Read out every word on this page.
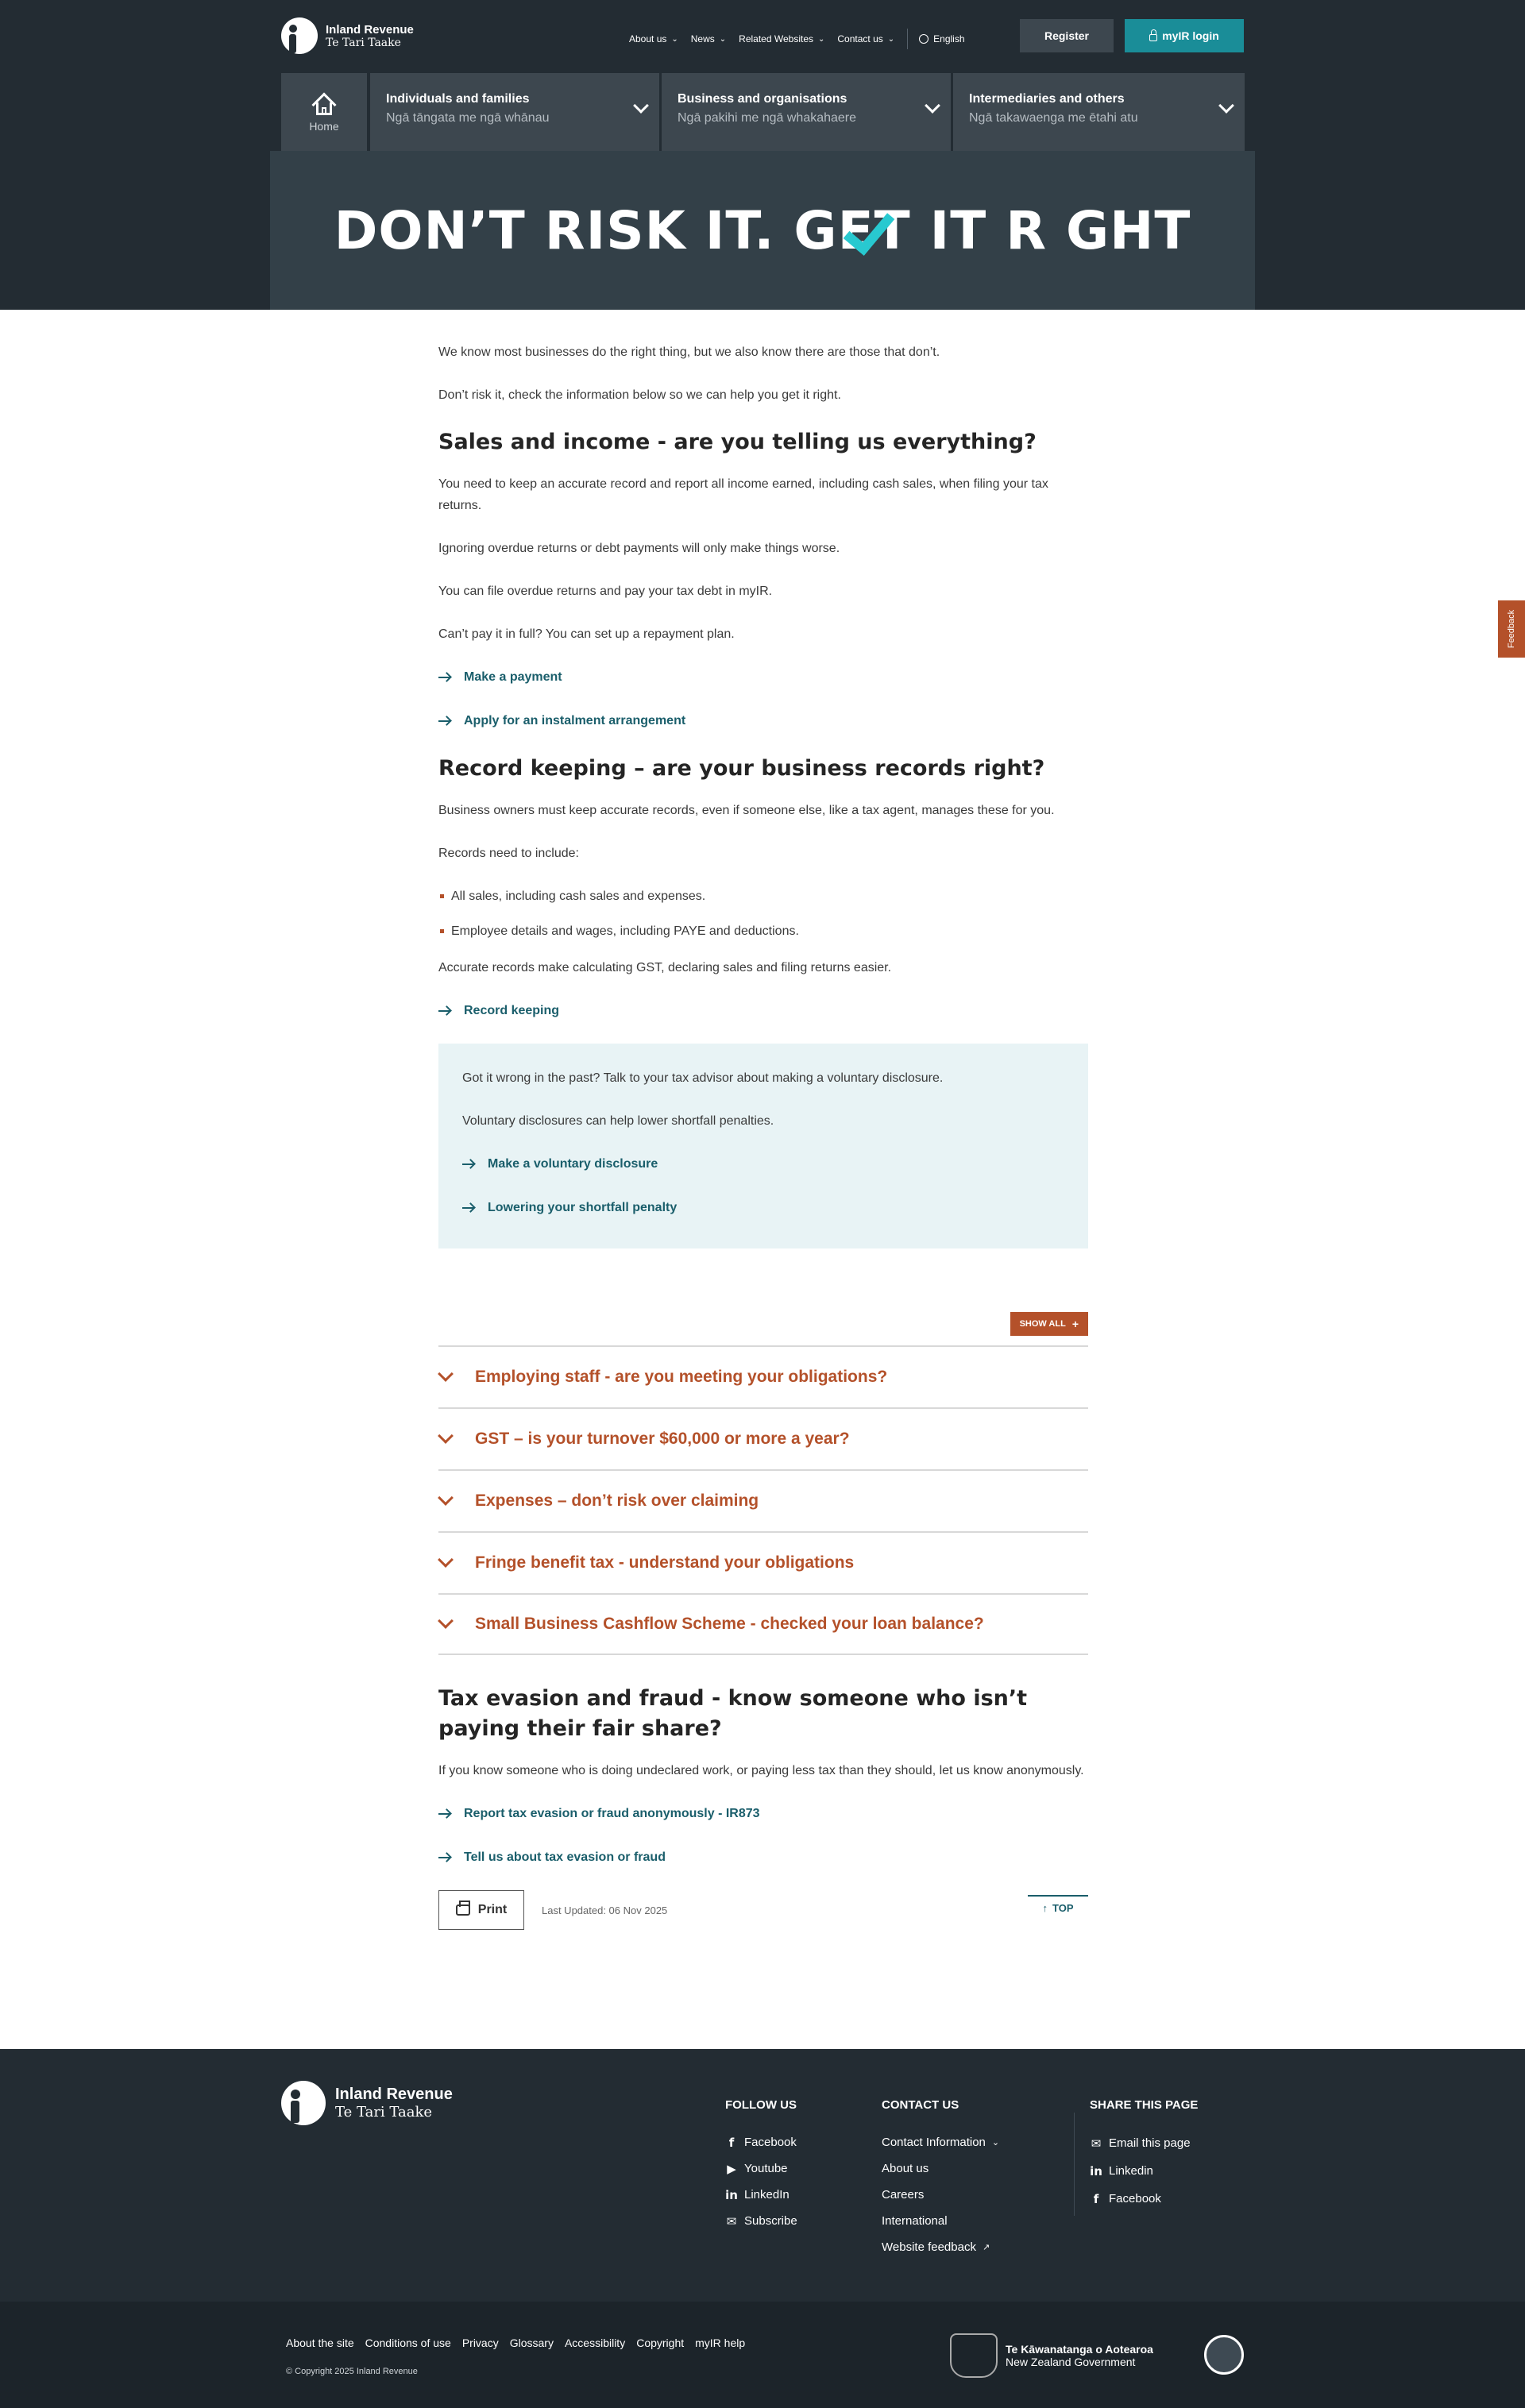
Inland Revenue
Te Tari Taake	About us ⌄ News ⌄ Related Websites ⌄ Contact us ⌄	English	Register	myIR login
Home
Individuals and families
Ngā tāngata me ngā whānau
Business and organisations
Ngā pakihi me ngā whakahaere
Intermediaries and others
Ngā takawaenga me ētahi atu
DON’T RISK IT. GET IT R GHT
Feedback

We know most businesses do the right thing, but we also know there are those that don’t.

Don’t risk it, check the information below so we can help you get it right.

Sales and income - are you telling us everything?

You need to keep an accurate record and report all income earned, including cash sales, when filing your tax returns.

Ignoring overdue returns or debt payments will only make things worse.

You can file overdue returns and pay your tax debt in myIR.

Can’t pay it in full? You can set up a repayment plan.

Make a payment
Apply for an instalment arrangement
Record keeping – are your business records right?

Business owners must keep accurate records, even if someone else, like a tax agent, manages these for you.

Records need to include:

All sales, including cash sales and expenses.
Employee details and wages, including PAYE and deductions.

Accurate records make calculating GST, declaring sales and filing returns easier.

Record keeping

Got it wrong in the past? Talk to your tax advisor about making a voluntary disclosure.

Voluntary disclosures can help lower shortfall penalties.

Make a voluntary disclosure
Lowering your shortfall penalty
SHOW ALL +
Employing staff - are you meeting your obligations?
GST – is your turnover $60,000 or more a year?
Expenses – don’t risk over claiming
Fringe benefit tax - understand your obligations
Small Business Cashflow Scheme - checked your loan balance?
Tax evasion and fraud - know someone who isn’t paying their fair share?

If you know someone who is doing undeclared work, or paying less tax than they should, let us know anonymously.

Report tax evasion or fraud anonymously - IR873
Tell us about tax evasion or fraud
Print	Last Updated: 06 Nov 2025	↑ TOP
Inland Revenue
Te Tari Taake	FOLLOW US
f Facebook
▶ Youtube
in LinkedIn
✉ Subscribe
CONTACT US
Contact Information ⌄
About us
Careers
International
Website feedback ↗
SHARE THIS PAGE
✉ Email this page
in Linkedin
f Facebook
About the site Conditions of use Privacy Glossary Accessibility Copyright myIR help
© Copyright 2025 Inland Revenue
Te Kāwanatanga o Aotearoa
New Zealand Government
